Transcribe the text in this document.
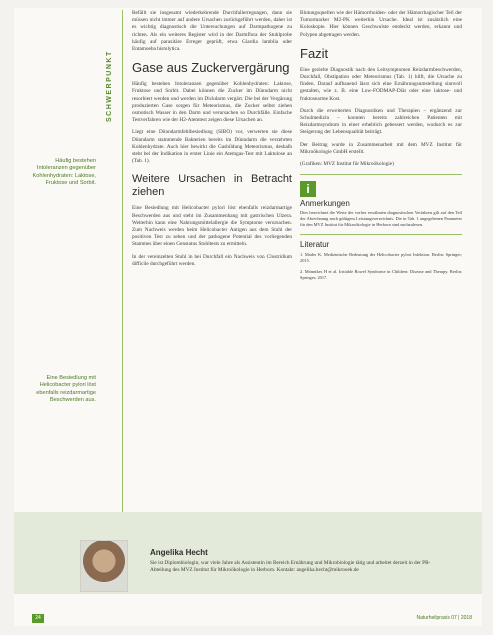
SCHWERPUNKT
Häufig bestehen Intoleranzen gegenüber Kohlenhydraten: Laktose, Fruktose und Sorbit.
Eine Besiedlung mit Helicobacter pylori löst ebenfalls reizdarmartige Beschwerden aus.

Befällt sie insgesamt wiederkehrende Durchfallerregungen, dann sie müssen nicht immer auf andere Ursachen zurückgeführt werden, daher ist es wichtig diagnostisch die Untersuchungen auf Darmpathogene zu richten. Als ein weiteres Register wird in der Darmflora der Stuhlprobe häufig auf parasitäre Erreger geprüft, etwa Giardia lamblia oder Entamoeba histolytica.

Gase aus Zuckervergärung

Häufig bestehen Intoleranzen gegenüber Kohlenhydraten: Laktose, Fruktose und Sorbit. Dabei können die Zucker im Dünndarm nicht resorbiert werden und werden im Dickdarm vergärt. Die bei der Vergärung produzierten Gase sorgen für Meteorismus, die Zucker selbst ziehen osmotisch Wasser in den Darm und verursachen so Durchfälle. Einfache Testverfahren wie der H2-Atemtest zeigen diese Ursachen an.

Liegt eine Dünndarmfehlbesiedlung (SIBO) vor, verwerten sie diese Dünndarm stammende Bakterien bereits im Dünndarm die verzehrten Kohlenhydrate. Auch hier bewirkt die Gasbildung Meteorismus, deshalb steht bei der Indikation in erster Linie ein Atemgas-Test mit Laktulose an (Tab. 1).

Weitere Ursachen in Betracht ziehen

Eine Besiedlung mit Helicobacter pylori löst ebenfalls reizdarmartige Beschwerden aus und steht im Zusammenhang mit gastrischen Ulzera. Weiterhin kann eine Nahrungsmittelallergie die Symptome verursachen. Zum Nachweis werden beim Helicobacter Antigen aus dem Stuhl der positiven Test zu sehen und der pathogene Potential des vorliegenden Stammes über einen Genstatus Stuhltests zu ermitteln.

In der vereinzelten Stuhl in bei Durchfall ein Nachweis von Clostridium difficile durchgeführt werden.

Blutungsquellen wie der Hämorrhoiden- oder der Hämorrhagischer Teil der Tumormarker M2-PK weiterhin Ursache. Ideal ist zusätzlich eine Koloskopie. Hier können Geschwulste entdeckt werden, erkannt und Polypen abgetragen werden.

Fazit

Eine gezielte Diagnostik nach den Leitsymptomen Reizdarmbeschwerden, Durchfall, Obstipation oder Meteorismus (Tab. 1) hilft, die Ursache zu finden. Darauf aufbauend lässt sich eine Ernährungsumstellung sinnvoll gestalten, wie z. B. eine Low-FODMAP-Diät oder eine laktose- und fruktosearme Kost.

Durch die erweiterten Diagnostiken und Therapien – ergänzend zur Schulmedizin – konnten bereits zahlreichen Patienten mit Reizdarmsyndrom in einer erheblich gebessert werden, wodurch es zur Steigerung der Lebensqualität beiträgt.

Der Beitrag wurde in Zusammenarbeit mit dem MVZ Institut für Mikroökologie GmbH erstellt.

(Grafiken: MVZ Institut für Mikroökologie)

i
Anmerkungen

Dies bezeichnet die Werte der vorher erwähnten diagnostischen Verfahren gilt auf den Teil der Abrechnung nach gültigem Leistungsverzeichnis. Die in Tab. 1 angegebenen Parameter für den MVZ Institut für Mikroökologie in Herborn sind nachzulesen.

Literatur

1. Mader K. Medizinische Bedeutung der Helicobacter pylori Infektion. Berlin: Springer; 2015.

2. Mönnikes H et al. Irritable Bowel Syndrome in Children: Disease and Therapy. Berlin: Springer; 2017.

Angelika Hecht
Sie ist Diplombiologin, war viele Jahre als Assistentin im Bereich Ernährung und Mikrobiologie tätig und arbeitet derzeit in der PR-Abteilung des MVZ Institut für Mikroökologie in Herborn. Kontakt: angelika.hecht@mikrooek.de
24	Naturheilpraxis 07 | 2018
